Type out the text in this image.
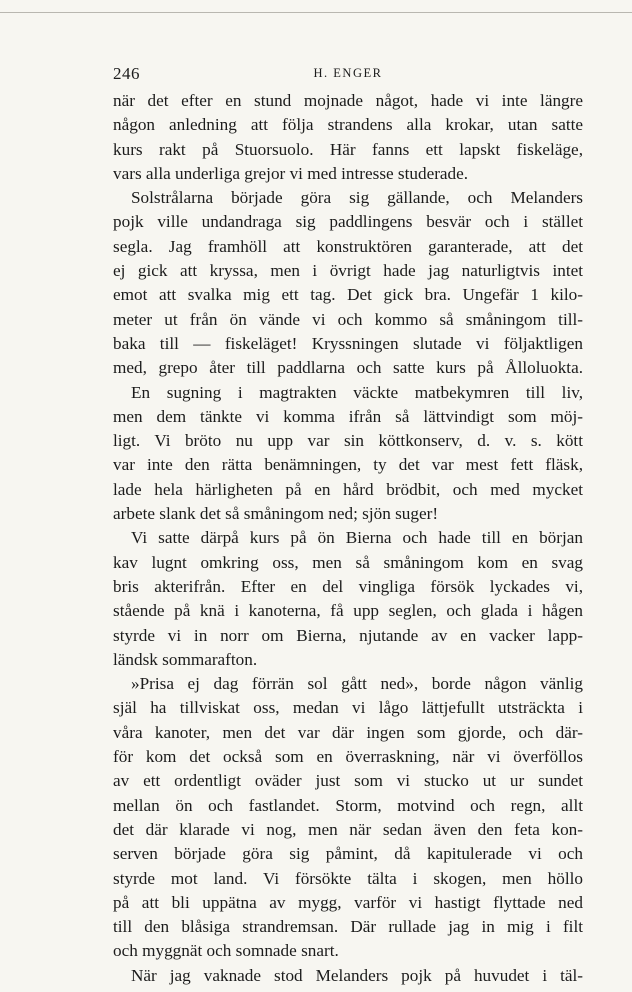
246	H. ENGER
när det efter en stund mojnade något, hade vi inte längre
någon anledning att följa strandens alla krokar, utan satte
kurs rakt på Stuorsuolo. Här fanns ett lapskt fiskeläge,
vars alla underliga grejor vi med intresse studerade.
Solstrålarna började göra sig gällande, och Melanders
pojk ville undandraga sig paddlingens besvär och i stället
segla. Jag framhöll att konstruktören garanterade, att det
ej gick att kryssa, men i övrigt hade jag naturligtvis intet
emot att svalka mig ett tag. Det gick bra. Ungefär 1 kilo-
meter ut från ön vände vi och kommo så småningom till-
baka till — fiskeläget! Kryssningen slutade vi följaktligen
med, grepo åter till paddlarna och satte kurs på Ålloluokta.
En sugning i magtrakten väckte matbekymren till liv,
men dem tänkte vi komma ifrån så lättvindigt som möj-
ligt. Vi bröto nu upp var sin köttkonserv, d. v. s. kött
var inte den rätta benämningen, ty det var mest fett fläsk,
lade hela härligheten på en hård brödbit, och med mycket
arbete slank det så småningom ned; sjön suger!
Vi satte därpå kurs på ön Bierna och hade till en början
kav lugnt omkring oss, men så småningom kom en svag
bris akterifrån. Efter en del vingliga försök lyckades vi,
stående på knä i kanoterna, få upp seglen, och glada i hågen
styrde vi in norr om Bierna, njutande av en vacker lapp-
ländsk sommarafton.
»Prisa ej dag förrän sol gått ned», borde någon vänlig
själ ha tillviskat oss, medan vi lågo lättjefullt utsträckta i
våra kanoter, men det var där ingen som gjorde, och där-
för kom det också som en överraskning, när vi överföllos
av ett ordentligt oväder just som vi stucko ut ur sundet
mellan ön och fastlandet. Storm, motvind och regn, allt
det där klarade vi nog, men när sedan även den feta kon-
serven började göra sig påmint, då kapitulerade vi och
styrde mot land. Vi försökte tälta i skogen, men höllo
på att bli uppätna av mygg, varför vi hastigt flyttade ned
till den blåsiga strandremsan. Där rullade jag in mig i filt
och myggnät och somnade snart.
När jag vaknade stod Melanders pojk på huvudet i täl-
